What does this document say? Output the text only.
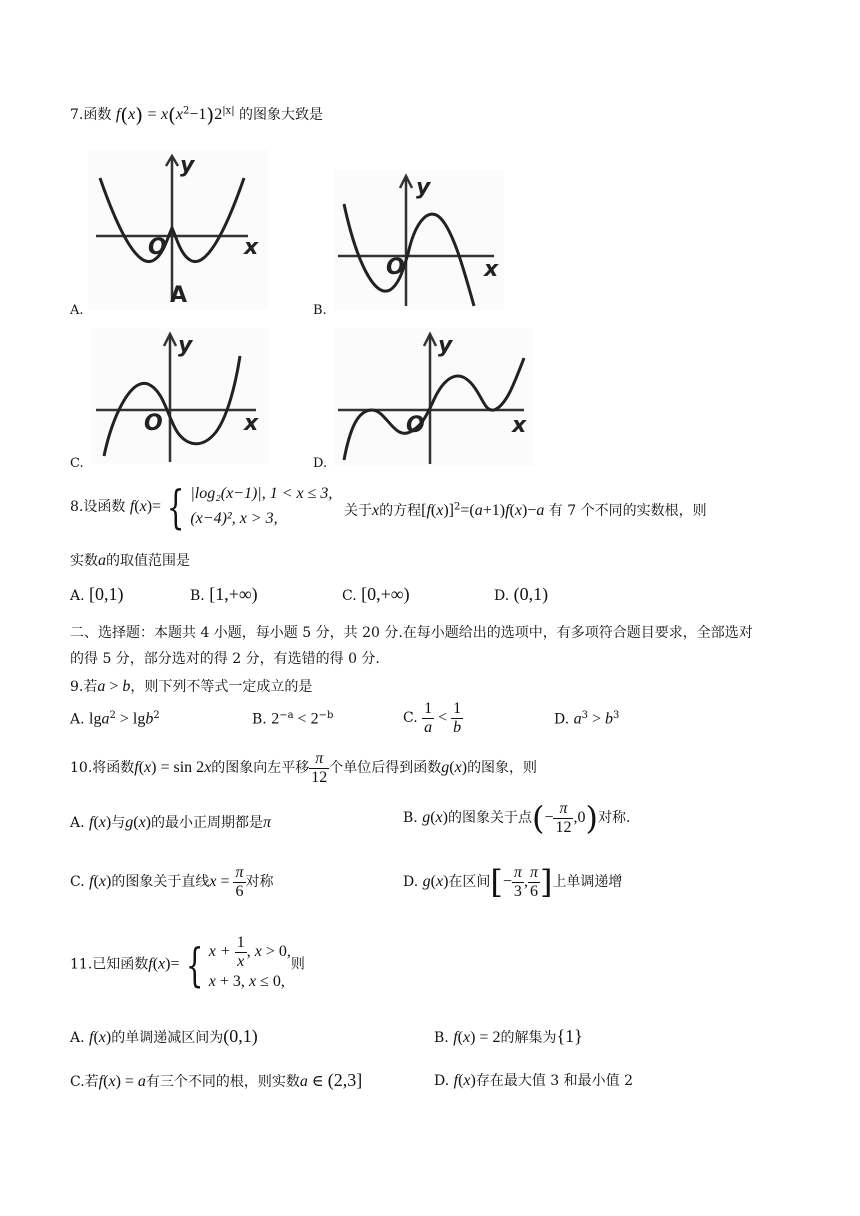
7.函数 $f(x) = x(x^2-1)2^{|x|}$ 的图象大致是
y
x
O
A
A.
y
x
O
B.
y
x
O
C.
y
x
O
D.
8.设函数 f(x)= { |log₂(x−1)|, 1 < x ≤ 3,
(x−4)², x > 3,	关于x的方程$[f(x)]^2=(a+1)f(x)-a$ 有 7 个不同的实数根，则
实数a的取值范围是
A. [0,1)	B. [1,+∞)	C. [0,+∞)	D. (0,1)
二、选择题：本题共 4 小题，每小题 5 分，共 20 分.在每小题给出的选项中，有多项符合题目要求，全部选对
的得 5 分，部分选对的得 2 分，有选错的得 0 分.
9.若a > b，则下列不等式一定成立的是
A. lga$^2$ > lgb$^2$	B. $2^{-a} < 2^{-b}$	C. $\frac{1}{a} < \frac{1}{b}$	D. $a^3 > b^3$
10.将函数f(x) = sin 2x的图象向左平移 $\frac{\pi}{12}$ 个单位后得到函数g(x)的图象，则
A. f(x)与g(x)的最小正周期都是π	B. g(x)的图象关于点(− $\frac{\pi}{12} ,0$)对称.
C. f(x)的图象关于直线$x = \frac{\pi}{6}$ 对称	D. g(x)在区间[− $\frac{\pi}{3}$ , $\frac{\pi}{6}$ ]上单调递增
11.已知函数f(x)= { $x + \frac{1}{x}$ , x > 0,
x + 3, x ≤ 0,则
A. f(x)的单调递减区间为(0,1)	B. f(x) = 2的解集为{1}
C.若f(x) = a有三个不同的根，则实数a ∈ (2,3]	D. f(x)存在最大值 3 和最小值 2
